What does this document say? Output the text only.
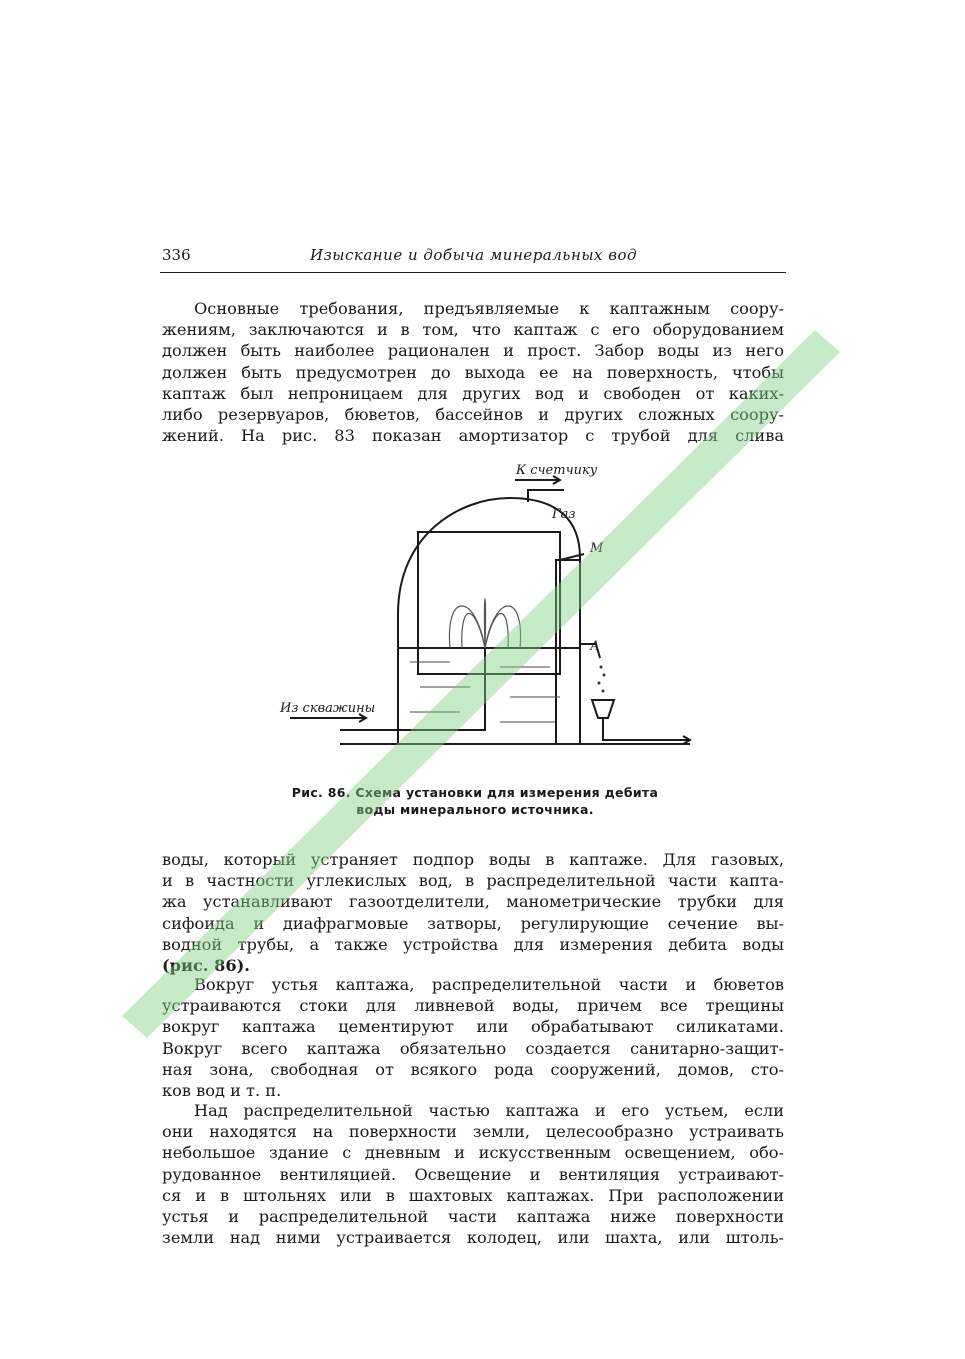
336	Изыскание и добыча минеральных вод
Основные требования, предъявляемые к каптажным соору-
жениям, заключаются и в том, что каптаж с его оборудованием
должен быть наиболее рационален и прост. Забор воды из него
должен быть предусмотрен до выхода ее на поверхность, чтобы
каптаж был непроницаем для других вод и свободен от каких-
либо резервуаров, бюветов, бассейнов и других сложных соору-
жений. На рис. 83 показан амортизатор с трубой для слива
К счетчику
Газ
М
А
Из скважины
Рис. 86. Схема установки для измерения дебита
воды минерального источника.
воды, который устраняет подпор воды в каптаже. Для газовых,
и в частности углекислых вод, в распределительной части капта-
жа устанавливают газоотделители, манометрические трубки для
сифоида и диафрагмовые затворы, регулирующие сечение вы-
водной трубы, а также устройства для измерения дебита воды
(рис. 86).
Вокруг устья каптажа, распределительной части и бюветов
устраиваются стоки для ливневой воды, причем все трещины
вокруг каптажа цементируют или обрабатывают силикатами.
Вокруг всего каптажа обязательно создается санитарно-защит-
ная зона, свободная от всякого рода сооружений, домов, сто-
ков вод и т. п.
Над распределительной частью каптажа и его устьем, если
они находятся на поверхности земли, целесообразно устраивать
небольшое здание с дневным и искусственным освещением, обо-
рудованное вентиляцией. Освещение и вентиляция устраивают-
ся и в штольнях или в шахтовых каптажах. При расположении
устья и распределительной части каптажа ниже поверхности
земли над ними устраивается колодец, или шахта, или штоль-
